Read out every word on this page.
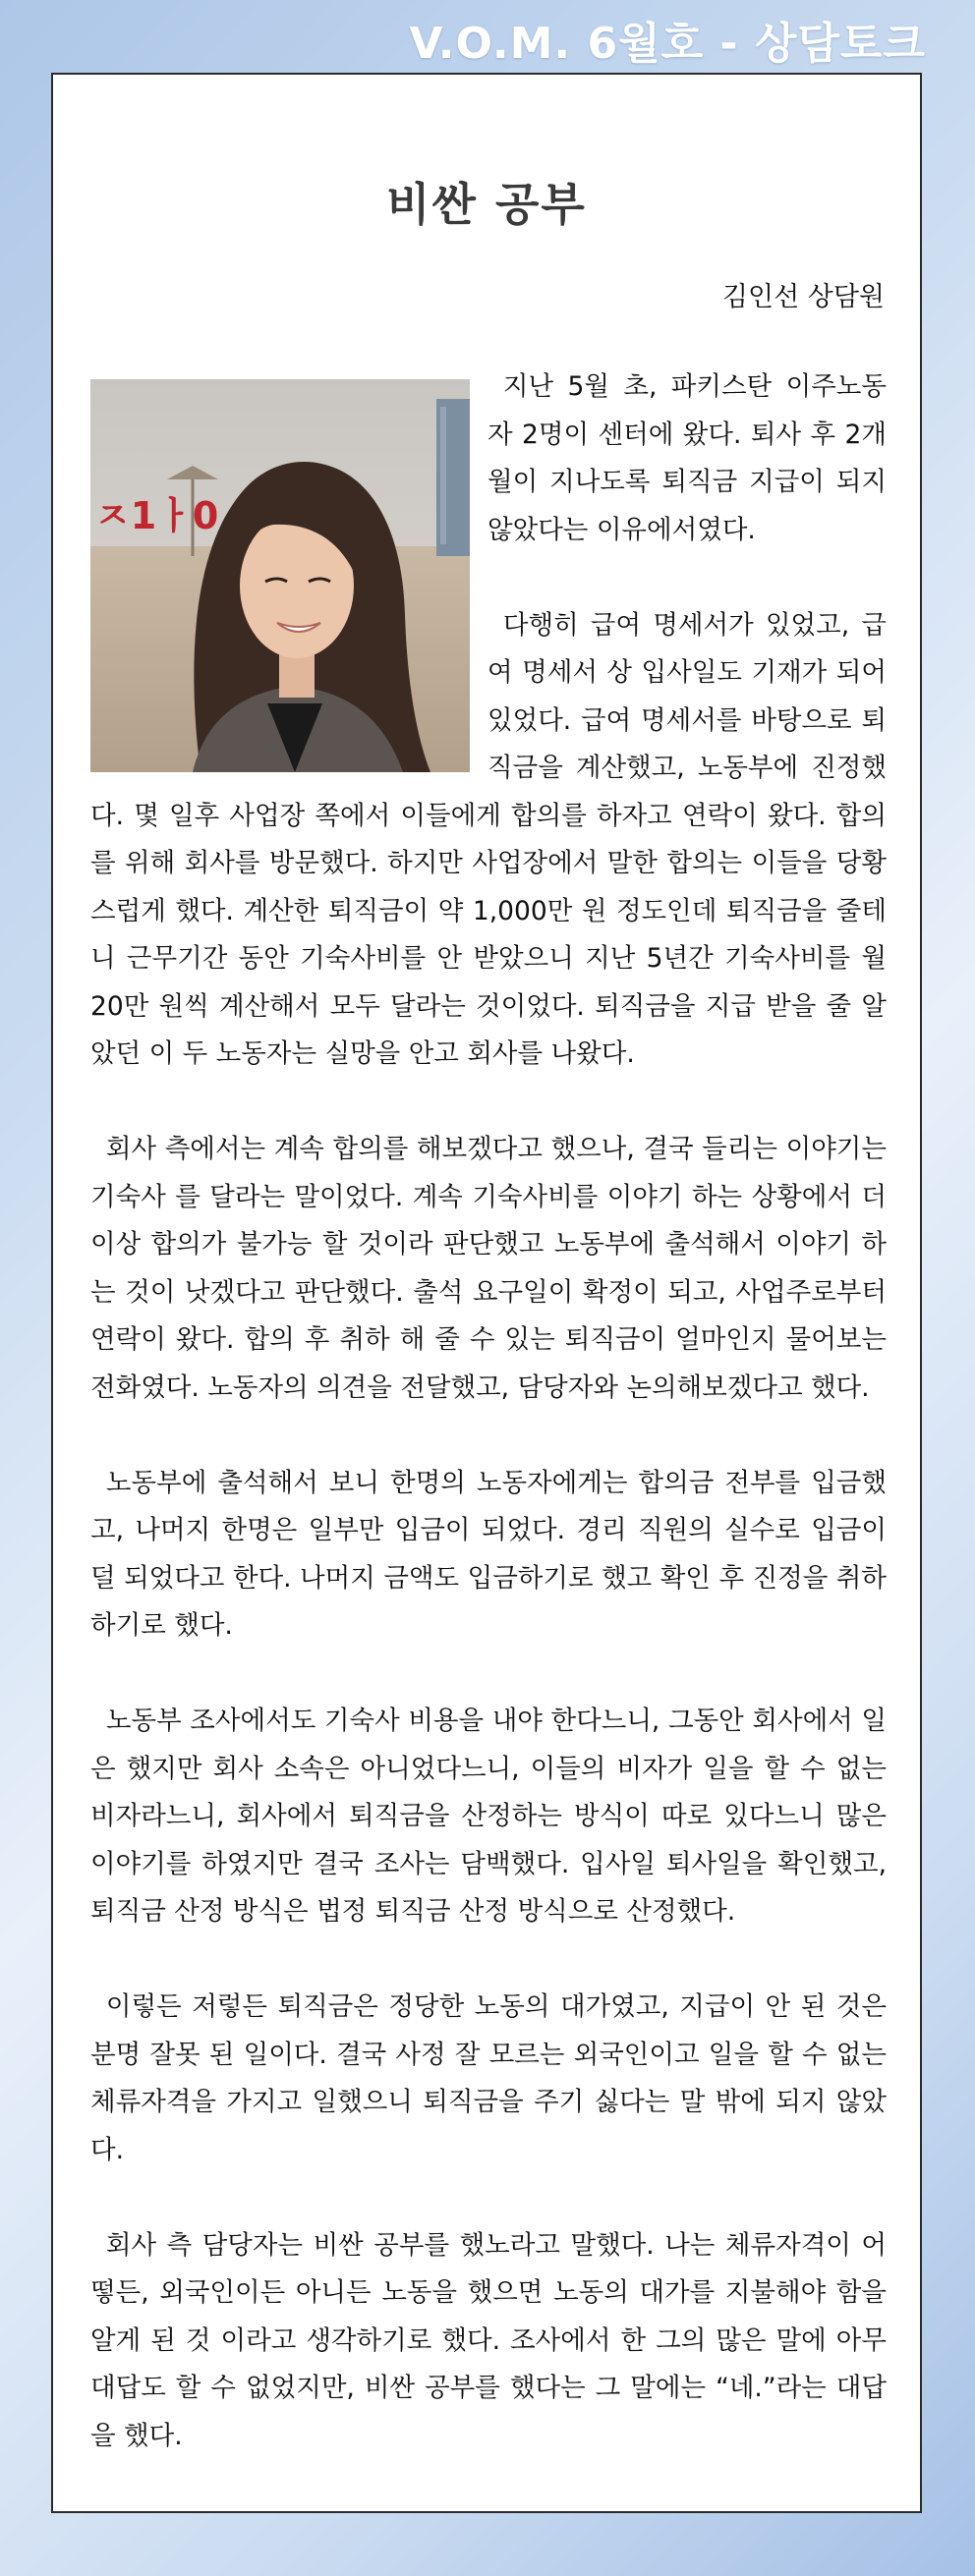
V.O.M. 6월호 - 상담토크
비싼 공부
김인선 상담원
ㅈ1ㅏ0

지난 5월 초, 파키스탄 이주노동자 2명이 센터에 왔다. 퇴사 후 2개월이 지나도록 퇴직금 지급이 되지 않았다는 이유에서였다.

다행히 급여 명세서가 있었고, 급여 명세서 상 입사일도 기재가 되어 있었다. 급여 명세서를 바탕으로 퇴직금을 계산했고, 노동부에 진정했다. 몇 일후 사업장 쪽에서 이들에게 합의를 하자고 연락이 왔다. 합의를 위해 회사를 방문했다. 하지만 사업장에서 말한 합의는 이들을 당황스럽게 했다. 계산한 퇴직금이 약 1,000만 원 정도인데 퇴직금을 줄테니 근무기간 동안 기숙사비를 안 받았으니 지난 5년간 기숙사비를 월 20만 원씩 계산해서 모두 달라는 것이었다. 퇴직금을 지급 받을 줄 알았던 이 두 노동자는 실망을 안고 회사를 나왔다.

회사 측에서는 계속 합의를 해보겠다고 했으나, 결국 들리는 이야기는 기숙사 를 달라는 말이었다. 계속 기숙사비를 이야기 하는 상황에서 더 이상 합의가 불가능 할 것이라 판단했고 노동부에 출석해서 이야기 하는 것이 낫겠다고 판단했다. 출석 요구일이 확정이 되고, 사업주로부터 연락이 왔다. 합의 후 취하 해 줄 수 있는 퇴직금이 얼마인지 물어보는 전화였다. 노동자의 의견을 전달했고, 담당자와 논의해보겠다고 했다.

노동부에 출석해서 보니 한명의 노동자에게는 합의금 전부를 입금했고, 나머지 한명은 일부만 입금이 되었다. 경리 직원의 실수로 입금이 덜 되었다고 한다. 나머지 금액도 입금하기로 했고 확인 후 진정을 취하하기로 했다.

노동부 조사에서도 기숙사 비용을 내야 한다느니, 그동안 회사에서 일은 했지만 회사 소속은 아니었다느니, 이들의 비자가 일을 할 수 없는 비자라느니, 회사에서 퇴직금을 산정하는 방식이 따로 있다느니 많은 이야기를 하였지만 결국 조사는 담백했다. 입사일 퇴사일을 확인했고, 퇴직금 산정 방식은 법정 퇴직금 산정 방식으로 산정했다.

이렇든 저렇든 퇴직금은 정당한 노동의 대가였고, 지급이 안 된 것은 분명 잘못 된 일이다. 결국 사정 잘 모르는 외국인이고 일을 할 수 없는 체류자격을 가지고 일했으니 퇴직금을 주기 싫다는 말 밖에 되지 않았다.

회사 측 담당자는 비싼 공부를 했노라고 말했다. 나는 체류자격이 어떻든, 외국인이든 아니든 노동을 했으면 노동의 대가를 지불해야 함을 알게 된 것 이라고 생각하기로 했다. 조사에서 한 그의 많은 말에 아무 대답도 할 수 없었지만, 비싼 공부를 했다는 그 말에는 “네.”라는 대답을 했다.
